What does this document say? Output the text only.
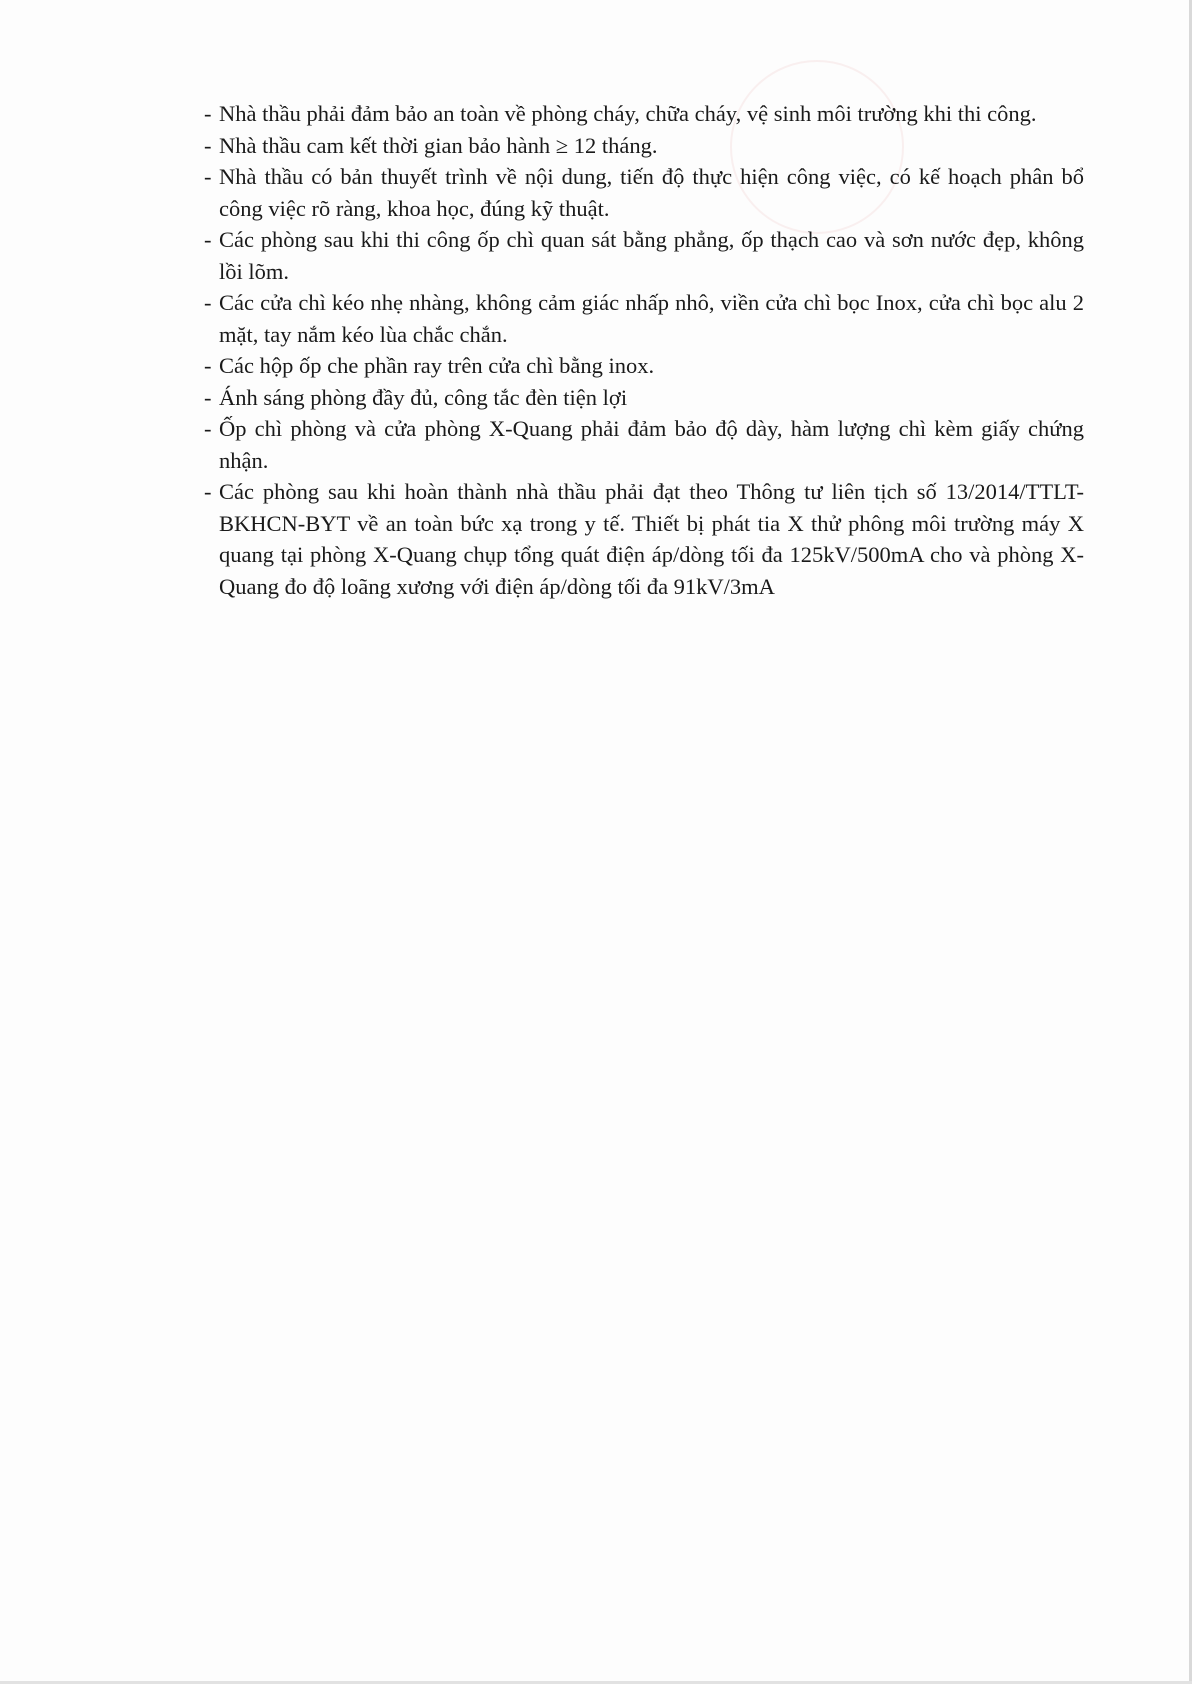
- Nhà thầu phải đảm bảo an toàn về phòng cháy, chữa cháy, vệ sinh môi trường khi thi công.
- Nhà thầu cam kết thời gian bảo hành ≥ 12 tháng.
- Nhà thầu có bản thuyết trình về nội dung, tiến độ thực hiện công việc, có kế hoạch phân bổ công việc rõ ràng, khoa học, đúng kỹ thuật.
- Các phòng sau khi thi công ốp chì quan sát bằng phẳng, ốp thạch cao và sơn nước đẹp, không lồi lõm.
- Các cửa chì kéo nhẹ nhàng, không cảm giác nhấp nhô, viền cửa chì bọc Inox, cửa chì bọc alu 2 mặt, tay nắm kéo lùa chắc chắn.
- Các hộp ốp che phần ray trên cửa chì bằng inox.
- Ánh sáng phòng đầy đủ, công tắc đèn tiện lợi
- Ốp chì phòng và cửa phòng X-Quang phải đảm bảo độ dày, hàm lượng chì kèm giấy chứng nhận.
- Các phòng sau khi hoàn thành nhà thầu phải đạt theo Thông tư liên tịch số 13/2014/TTLT-BKHCN-BYT về an toàn bức xạ trong y tế. Thiết bị phát tia X thử phông môi trường máy X quang tại phòng X-Quang chụp tổng quát điện áp/dòng tối đa 125kV/500mA cho và phòng X-Quang đo độ loãng xương với điện áp/dòng tối đa 91kV/3mA
